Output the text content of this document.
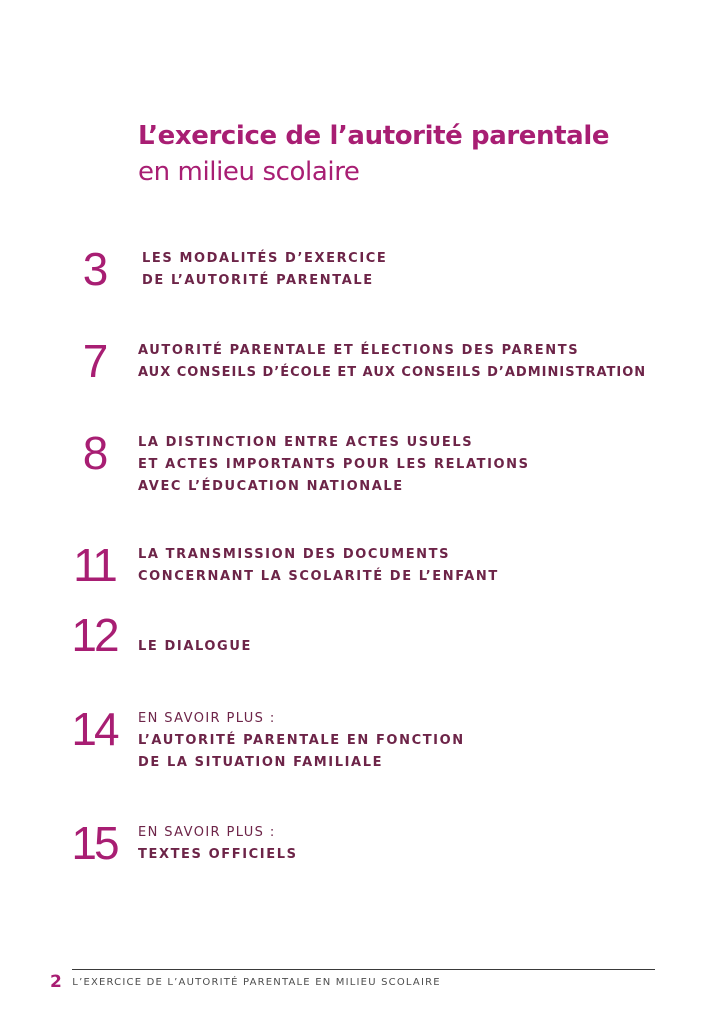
L’exercice de l’autorité parentale
en milieu scolaire
3	LES MODALITÉS D’EXERCICE
DE L’AUTORITÉ PARENTALE
7	AUTORITÉ PARENTALE ET ÉLECTIONS DES PARENTS
AUX CONSEILS D’ÉCOLE ET AUX CONSEILS D’ADMINISTRATION
8	LA DISTINCTION ENTRE ACTES USUELS
ET ACTES IMPORTANTS POUR LES RELATIONS
AVEC L’ÉDUCATION NATIONALE
11	LA TRANSMISSION DES DOCUMENTS
CONCERNANT LA SCOLARITÉ DE L’ENFANT
12	LE DIALOGUE
14	EN SAVOIR PLUS :
L’AUTORITÉ PARENTALE EN FONCTION
DE LA SITUATION FAMILIALE
15	EN SAVOIR PLUS :
TEXTES OFFICIELS
2 L’EXERCICE DE L’AUTORITÉ PARENTALE EN MILIEU SCOLAIRE
